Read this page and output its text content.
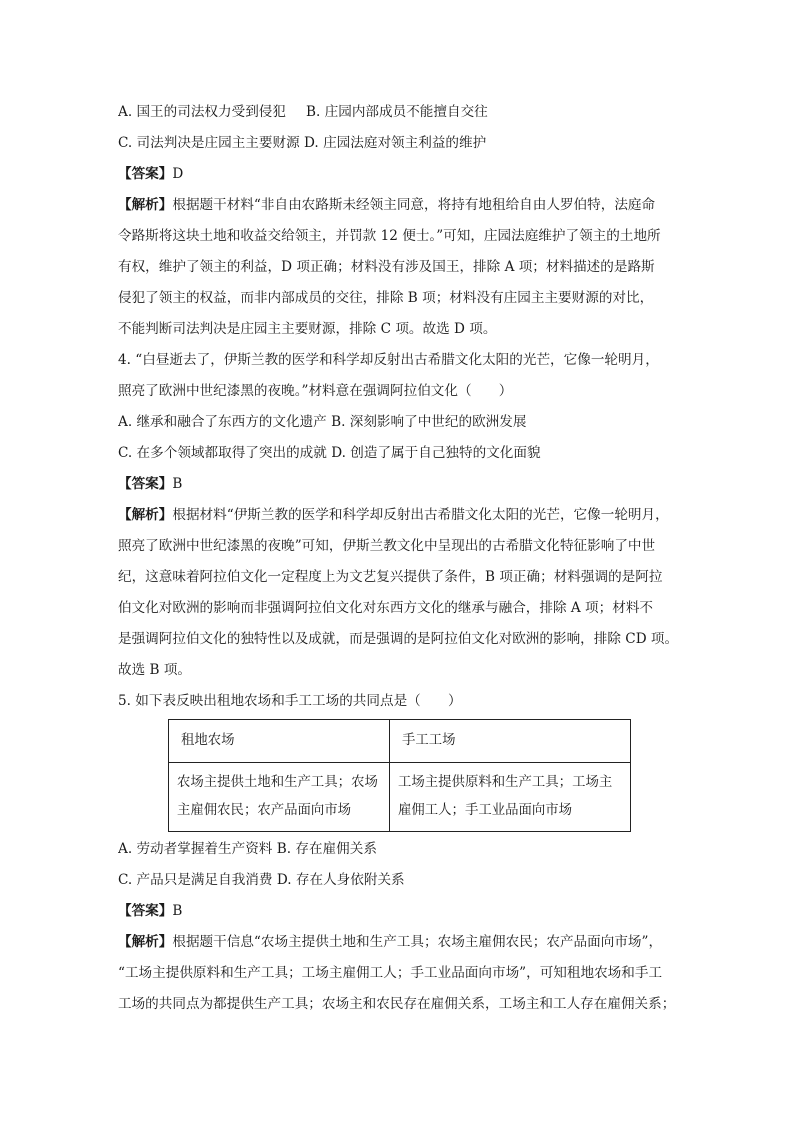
A. 国王的司法权力受到侵犯 B. 庄园内部成员不能擅自交往
C. 司法判决是庄园主主要财源 D. 庄园法庭对领主利益的维护
【答案】D
【解析】根据题干材料“非自由农路斯未经领主同意，将持有地租给自由人罗伯特，法庭命
令路斯将这块土地和收益交给领主，并罚款 12 便士。”可知，庄园法庭维护了领主的土地所
有权，维护了领主的利益，D 项正确；材料没有涉及国王，排除 A 项；材料描述的是路斯
侵犯了领主的权益，而非内部成员的交往，排除 B 项；材料没有庄园主主要财源的对比，
不能判断司法判决是庄园主主要财源，排除 C 项。故选 D 项。
4. “白昼逝去了，伊斯兰教的医学和科学却反射出古希腊文化太阳的光芒，它像一轮明月，
照亮了欧洲中世纪漆黑的夜晚。”材料意在强调阿拉伯文化（　　）
A. 继承和融合了东西方的文化遗产 B. 深刻影响了中世纪的欧洲发展
C. 在多个领域都取得了突出的成就 D. 创造了属于自己独特的文化面貌
【答案】B
【解析】根据材料“伊斯兰教的医学和科学却反射出古希腊文化太阳的光芒，它像一轮明月，
照亮了欧洲中世纪漆黑的夜晚”可知，伊斯兰教文化中呈现出的古希腊文化特征影响了中世
纪，这意味着阿拉伯文化一定程度上为文艺复兴提供了条件，B 项正确；材料强调的是阿拉
伯文化对欧洲的影响而非强调阿拉伯文化对东西方文化的继承与融合，排除 A 项；材料不
是强调阿拉伯文化的独特性以及成就，而是强调的是阿拉伯文化对欧洲的影响，排除 CD 项。
故选 B 项。
5. 如下表反映出租地农场和手工工场的共同点是（　　）
租地农场	手工工场
农场主提供土地和生产工具；农场主雇佣农民；农产品面向市场	工场主提供原料和生产工具；工场主雇佣工人；手工业品面向市场
A. 劳动者掌握着生产资料 B. 存在雇佣关系
C. 产品只是满足自我消费 D. 存在人身依附关系
【答案】B
【解析】根据题干信息“农场主提供土地和生产工具；农场主雇佣农民；农产品面向市场”，
“工场主提供原料和生产工具；工场主雇佣工人；手工业品面向市场”，可知租地农场和手工
工场的共同点为都提供生产工具；农场主和农民存在雇佣关系，工场主和工人存在雇佣关系；
